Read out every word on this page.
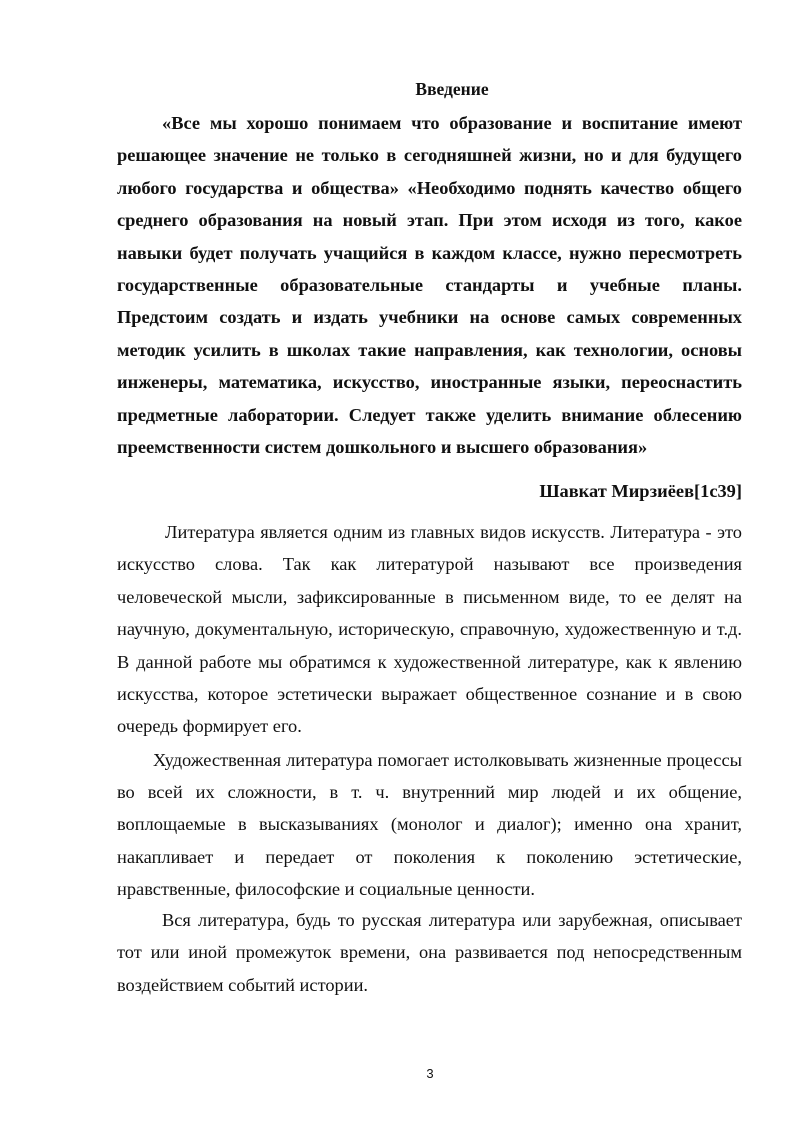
Введение
«Все мы хорошо понимаем что образование и воспитание имеют решающее значение не только в сегодняшней жизни, но и для будущего любого государства и общества» «Необходимо поднять качество общего среднего образования на новый этап. При этом исходя из того, какое навыки будет получать учащийся в каждом классе, нужно пересмотреть государственные образовательные стандарты и учебные планы. Предстоим создать и издать учебники на основе самых современных методик усилить в школах такие направления, как технологии, основы инженеры, математика, искусство, иностранные языки, переоснастить предметные лаборатории. Следует также уделить внимание облесению преемственности систем дошкольного и высшего образования»
Шавкат Мирзиёев[1с39]
Литература является одним из главных видов искусств. Литература - это искусство слова. Так как литературой называют все произведения человеческой мысли, зафиксированные в письменном виде, то ее делят на научную, документальную, историческую, справочную, художественную и т.д. В данной работе мы обратимся к художественной литературе, как к явлению искусства, которое эстетически выражает общественное сознание и в свою очередь формирует его.
Художественная литература помогает истолковывать жизненные процессы во всей их сложности, в т. ч. внутренний мир людей и их общение, воплощаемые в высказываниях (монолог и диалог); именно она хранит, накапливает и передает от поколения к поколению эстетические, нравственные, философские и социальные ценности.
Вся литература, будь то русская литература или зарубежная, описывает тот или иной промежуток времени, она развивается под непосредственным воздействием событий истории.
3
